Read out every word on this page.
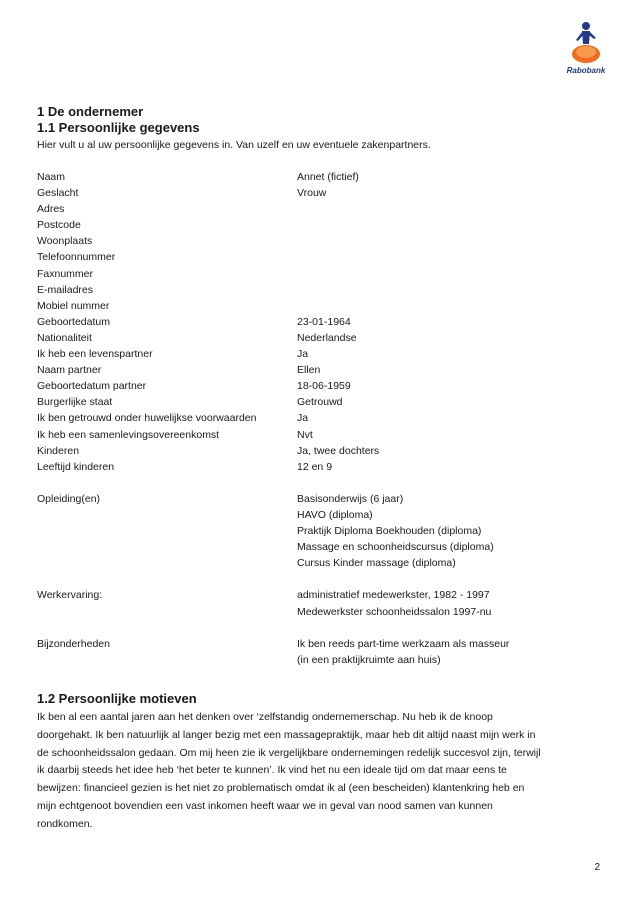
Rabobank
1 De ondernemer
1.1 Persoonlijke gegevens
Hier vult u al uw persoonlijke gegevens in. Van uzelf en uw eventuele zakenpartners.
Naam	Annet (fictief)
Geslacht	Vrouw
Adres
Postcode
Woonplaats
Telefoonnummer
Faxnummer
E-mailadres
Mobiel nummer
Geboortedatum	23-01-1964
Nationaliteit	Nederlandse
Ik heb een levenspartner	Ja
Naam partner	Ellen
Geboortedatum partner	18-06-1959
Burgerlijke staat	Getrouwd
Ik ben getrouwd onder huwelijkse voorwaarden	Ja
Ik heb een samenlevingsovereenkomst	Nvt
Kinderen	Ja, twee dochters
Leeftijd kinderen	12 en 9
Opleiding(en)	Basisonderwijs (6 jaar)
HAVO (diploma)
Praktijk Diploma Boekhouden (diploma)
Massage en schoonheidscursus (diploma)
Cursus Kinder massage (diploma)
Werkervaring:	administratief medewerkster, 1982 - 1997
Medewerkster schoonheidssalon 1997-nu
Bijzonderheden	Ik ben reeds part-time werkzaam als masseur
(in een praktijkruimte aan huis)
1.2 Persoonlijke motieven
Ik ben al een aantal jaren aan het denken over ‘zelfstandig ondernemerschap. Nu heb ik de knoop
doorgehakt. Ik ben natuurlijk al langer bezig met een massagepraktijk, maar heb dit altijd naast mijn werk in
de schoonheidssalon gedaan. Om mij heen zie ik vergelijkbare ondernemingen redelijk succesvol zijn, terwijl
ik daarbij steeds het idee heb ‘het beter te kunnen’. Ik vind het nu een ideale tijd om dat maar eens te
bewijzen: financieel gezien is het niet zo problematisch omdat ik al (een bescheiden) klantenkring heb en
mijn echtgenoot bovendien een vast inkomen heeft waar we in geval van nood samen van kunnen
rondkomen.
2
